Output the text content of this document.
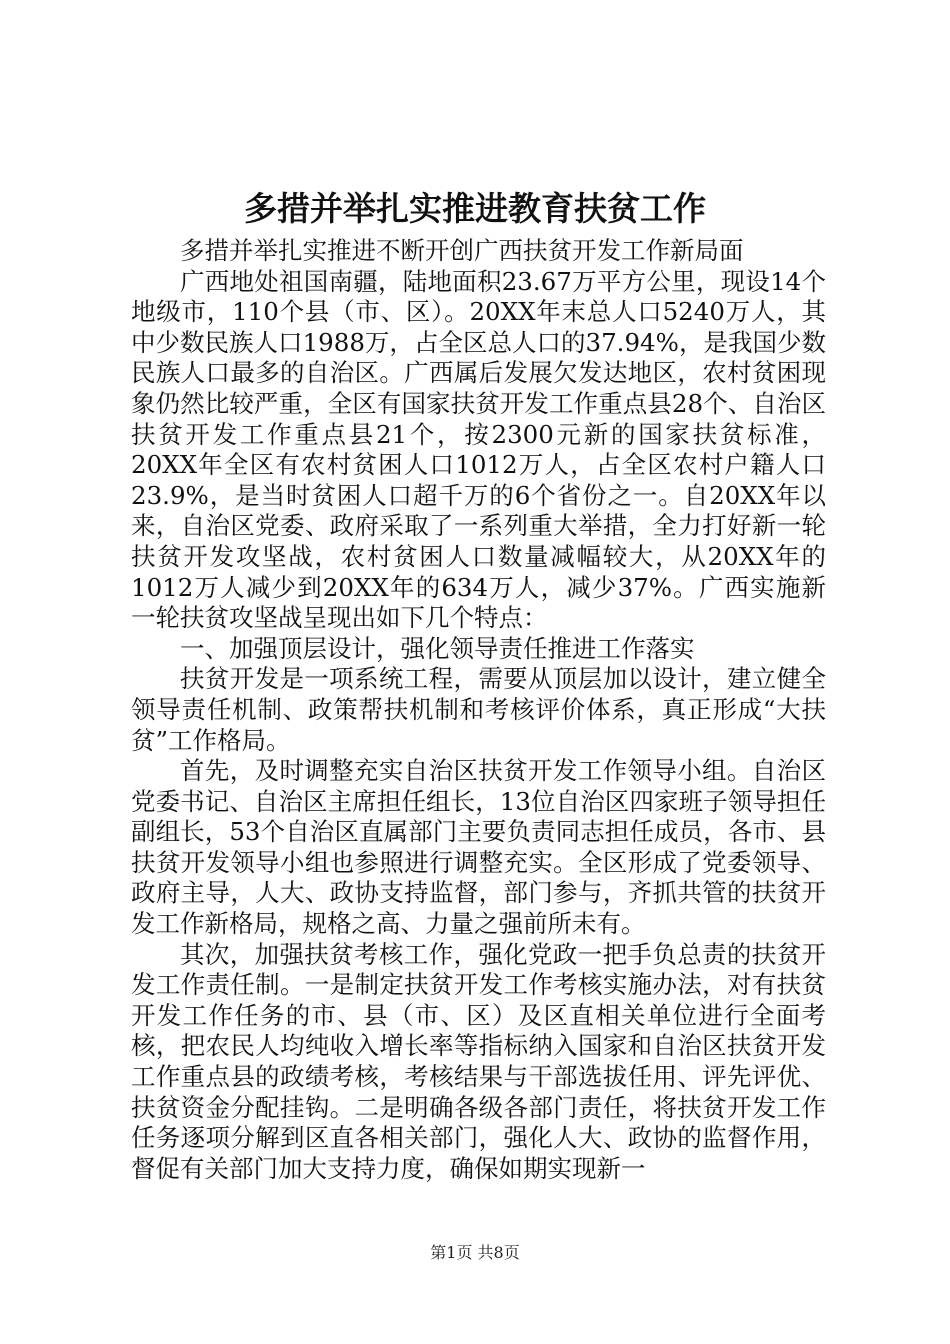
多措并举扎实推进教育扶贫工作

多措并举扎实推进不断开创广西扶贫开发工作新局面

广西地处祖国南疆，陆地面积23.67万平方公里，现设14个地级市，110个县（市、区）。20XX年末总人口5240万人，其中少数民族人口1988万，占全区总人口的37.94%，是我国少数民族人口最多的自治区。广西属后发展欠发达地区，农村贫困现象仍然比较严重，全区有国家扶贫开发工作重点县28个、自治区扶贫开发工作重点县21个，按2300元新的国家扶贫标准，20XX年全区有农村贫困人口1012万人，占全区农村户籍人口23.9%，是当时贫困人口超千万的6个省份之一。自20XX年以来，自治区党委、政府采取了一系列重大举措，全力打好新一轮扶贫开发攻坚战，农村贫困人口数量减幅较大，从20XX年的1012万人减少到20XX年的634万人，减少37%。广西实施新一轮扶贫攻坚战呈现出如下几个特点：

一、加强顶层设计，强化领导责任推进工作落实

扶贫开发是一项系统工程，需要从顶层加以设计，建立健全领导责任机制、政策帮扶机制和考核评价体系，真正形成“大扶贫”工作格局。

首先，及时调整充实自治区扶贫开发工作领导小组。自治区党委书记、自治区主席担任组长，13位自治区四家班子领导担任副组长，53个自治区直属部门主要负责同志担任成员，各市、县扶贫开发领导小组也参照进行调整充实。全区形成了党委领导、政府主导，人大、政协支持监督，部门参与，齐抓共管的扶贫开发工作新格局，规格之高、力量之强前所未有。

其次，加强扶贫考核工作，强化党政一把手负总责的扶贫开发工作责任制。一是制定扶贫开发工作考核实施办法，对有扶贫开发工作任务的市、县（市、区）及区直相关单位进行全面考核，把农民人均纯收入增长率等指标纳入国家和自治区扶贫开发工作重点县的政绩考核，考核结果与干部选拔任用、评先评优、扶贫资金分配挂钩。二是明确各级各部门责任，将扶贫开发工作任务逐项分解到区直各相关部门，强化人大、政协的监督作用，督促有关部门加大支持力度，确保如期实现新一

第1页 共8页
